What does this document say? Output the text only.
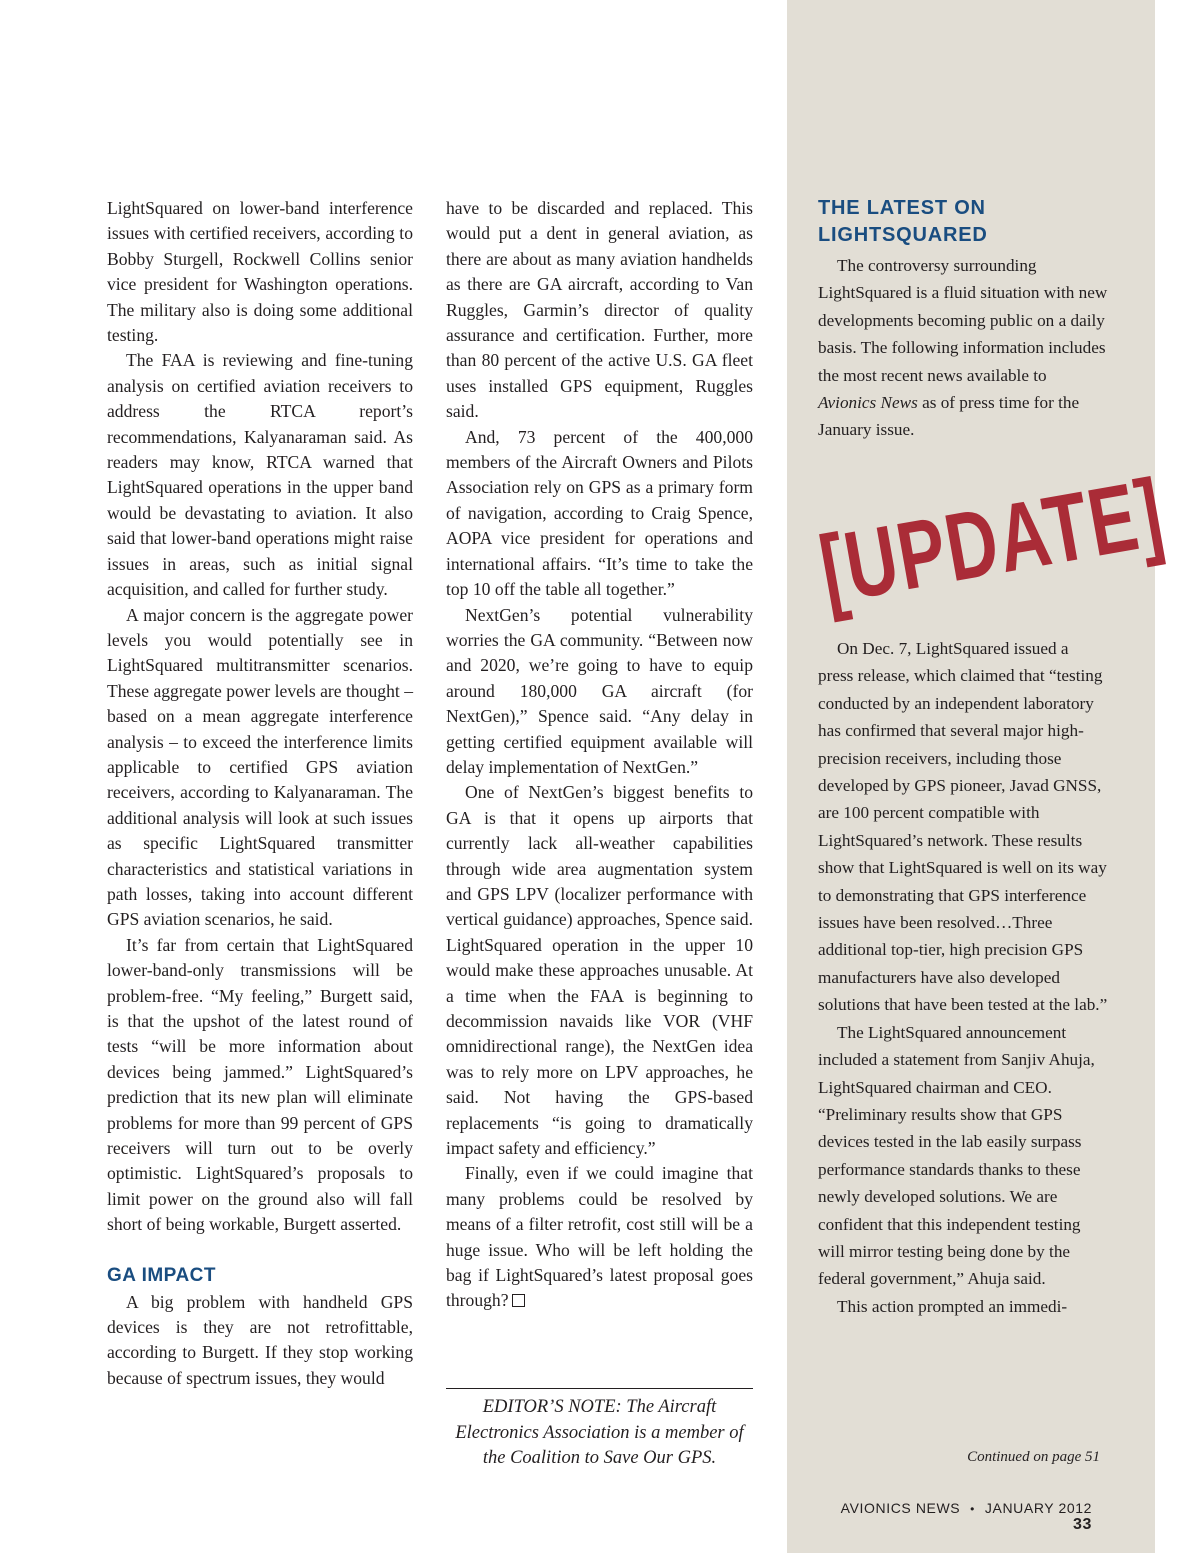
LightSquared on lower-band interference issues with certified receivers, according to Bobby Sturgell, Rockwell Collins senior vice president for Washington operations. The military also is doing some additional testing.

The FAA is reviewing and fine-tuning analysis on certified aviation receivers to address the RTCA report’s recommendations, Kalyanaraman said. As readers may know, RTCA warned that LightSquared operations in the upper band would be devastating to aviation. It also said that lower-band operations might raise issues in areas, such as initial signal acquisition, and called for further study.

A major concern is the aggregate power levels you would potentially see in LightSquared multitransmitter scenarios. These aggregate power levels are thought – based on a mean aggregate interference analysis – to exceed the interference limits applicable to certified GPS aviation receivers, according to Kalyanaraman. The additional analysis will look at such issues as specific LightSquared transmitter characteristics and statistical variations in path losses, taking into account different GPS aviation scenarios, he said.

It’s far from certain that LightSquared lower-band-only transmissions will be problem-free. “My feeling,” Burgett said, is that the upshot of the latest round of tests “will be more information about devices being jammed.” LightSquared’s prediction that its new plan will eliminate problems for more than 99 percent of GPS receivers will turn out to be overly optimistic. LightSquared’s proposals to limit power on the ground also will fall short of being workable, Burgett asserted.

GA IMPACT

A big problem with handheld GPS devices is they are not retrofittable, according to Burgett. If they stop working because of spectrum issues, they would

have to be discarded and replaced. This would put a dent in general aviation, as there are about as many aviation handhelds as there are GA aircraft, according to Van Ruggles, Garmin’s director of quality assurance and certification. Further, more than 80 percent of the active U.S. GA fleet uses installed GPS equipment, Ruggles said.

And, 73 percent of the 400,000 members of the Aircraft Owners and Pilots Association rely on GPS as a primary form of navigation, according to Craig Spence, AOPA vice president for operations and international affairs. “It’s time to take the top 10 off the table all together.”

NextGen’s potential vulnerability worries the GA community. “Between now and 2020, we’re going to have to equip around 180,000 GA aircraft (for NextGen),” Spence said. “Any delay in getting certified equipment available will delay implementation of NextGen.”

One of NextGen’s biggest benefits to GA is that it opens up airports that currently lack all-weather capabilities through wide area augmentation system and GPS LPV (localizer performance with vertical guidance) approaches, Spence said. LightSquared operation in the upper 10 would make these approaches unusable. At a time when the FAA is beginning to decommission navaids like VOR (VHF omnidirectional range), the NextGen idea was to rely more on LPV approaches, he said. Not having the GPS-based replacements “is going to dramatically impact safety and efficiency.”

Finally, even if we could imagine that many problems could be resolved by means of a filter retrofit, cost still will be a huge issue. Who will be left holding the bag if LightSquared’s latest proposal goes through?

EDITOR’S NOTE: The Aircraft Electronics Association is a member of the Coalition to Save Our GPS.
THE LATEST ON
LIGHTSQUARED

The controversy surrounding LightSquared is a fluid situation with new developments becoming public on a daily basis. The following information includes the most recent news available to Avionics News as of press time for the January issue.

[UPDATE]

On Dec. 7, LightSquared issued a press release, which claimed that “testing conducted by an independent laboratory has confirmed that several major high-precision receivers, including those developed by GPS pioneer, Javad GNSS, are 100 percent compatible with LightSquared’s network. These results show that LightSquared is well on its way to demonstrating that GPS interference issues have been resolved…Three additional top-tier, high precision GPS manufacturers have also developed solutions that have been tested at the lab.”

The LightSquared announcement included a statement from Sanjiv Ahuja, LightSquared chairman and CEO. “Preliminary results show that GPS devices tested in the lab easily surpass performance standards thanks to these newly developed solutions. We are confident that this independent testing will mirror testing being done by the federal government,” Ahuja said.

This action prompted an immedi-

Continued on page 51
AVIONICS NEWS • JANUARY 2012 33
